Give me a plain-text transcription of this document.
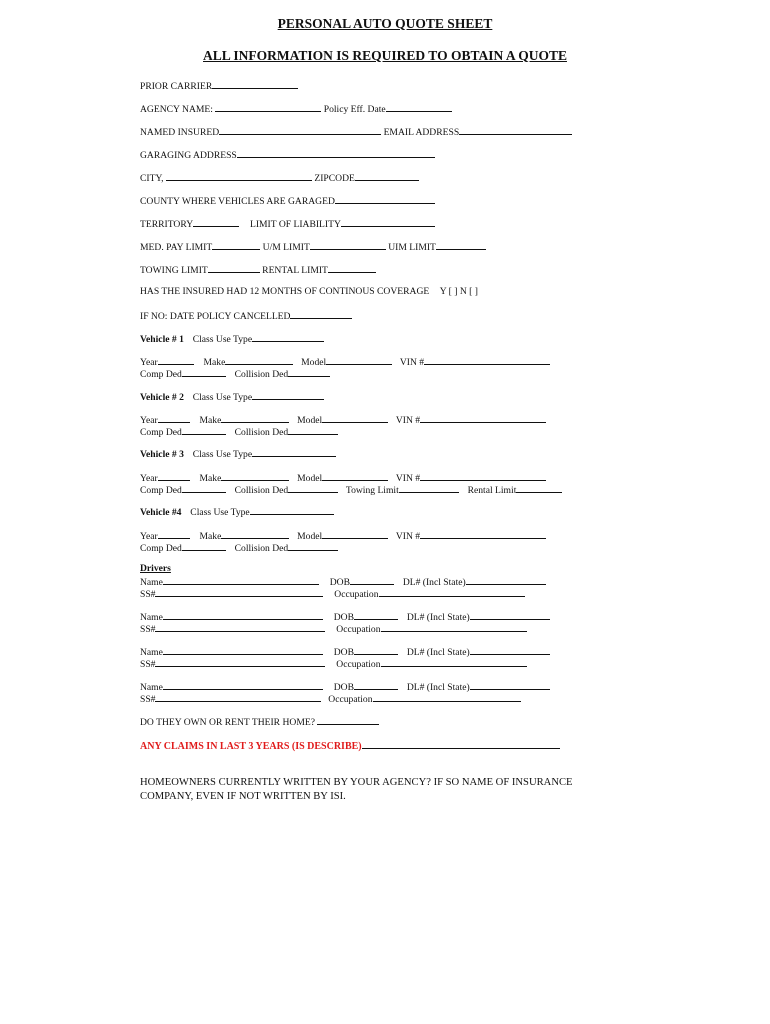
PERSONAL AUTO QUOTE SHEET
ALL INFORMATION IS REQUIRED TO OBTAIN A QUOTE
PRIOR CARRIER
AGENCY NAME:	Policy Eff. Date
NAMED INSURED	EMAIL ADDRESS
GARAGING ADDRESS
CITY,	ZIPCODE
COUNTY WHERE VEHICLES ARE GARAGED
TERRITORY	LIMIT OF LIABILITY
MED. PAY LIMIT	U/M LIMIT	UIM LIMIT
TOWING LIMIT	RENTAL LIMIT
HAS THE INSURED HAD 12 MONTHS OF CONTINOUS COVERAGE Y [ ] N [ ]
IF NO: DATE POLICY CANCELLED
Vehicle # 1 Class Use Type
Year	Make	Model	VIN #
Comp Ded	Collision Ded
Vehicle # 2 Class Use Type
Year	Make	Model	VIN #
Comp Ded	Collision Ded
Vehicle # 3 Class Use Type
Year	Make	Model	VIN #
Comp Ded	Collision Ded	Towing Limit	Rental Limit
Vehicle #4 Class Use Type
Year	Make	Model	VIN #
Comp Ded	Collision Ded
Drivers
Name	DOB	DL# (Incl State)
SS#	Occupation
Name	DOB	DL# (Incl State)
SS#	Occupation
Name	DOB	DL# (Incl State)
SS#	Occupation
Name	DOB	DL# (Incl State)
SS#	Occupation
DO THEY OWN OR RENT THEIR HOME?
ANY CLAIMS IN LAST 3 YEARS (IS DESCRIBE)
HOMEOWNERS CURRENTLY WRITTEN BY YOUR AGENCY? IF SO NAME OF INSURANCE
COMPANY, EVEN IF NOT WRITTEN BY ISI.
